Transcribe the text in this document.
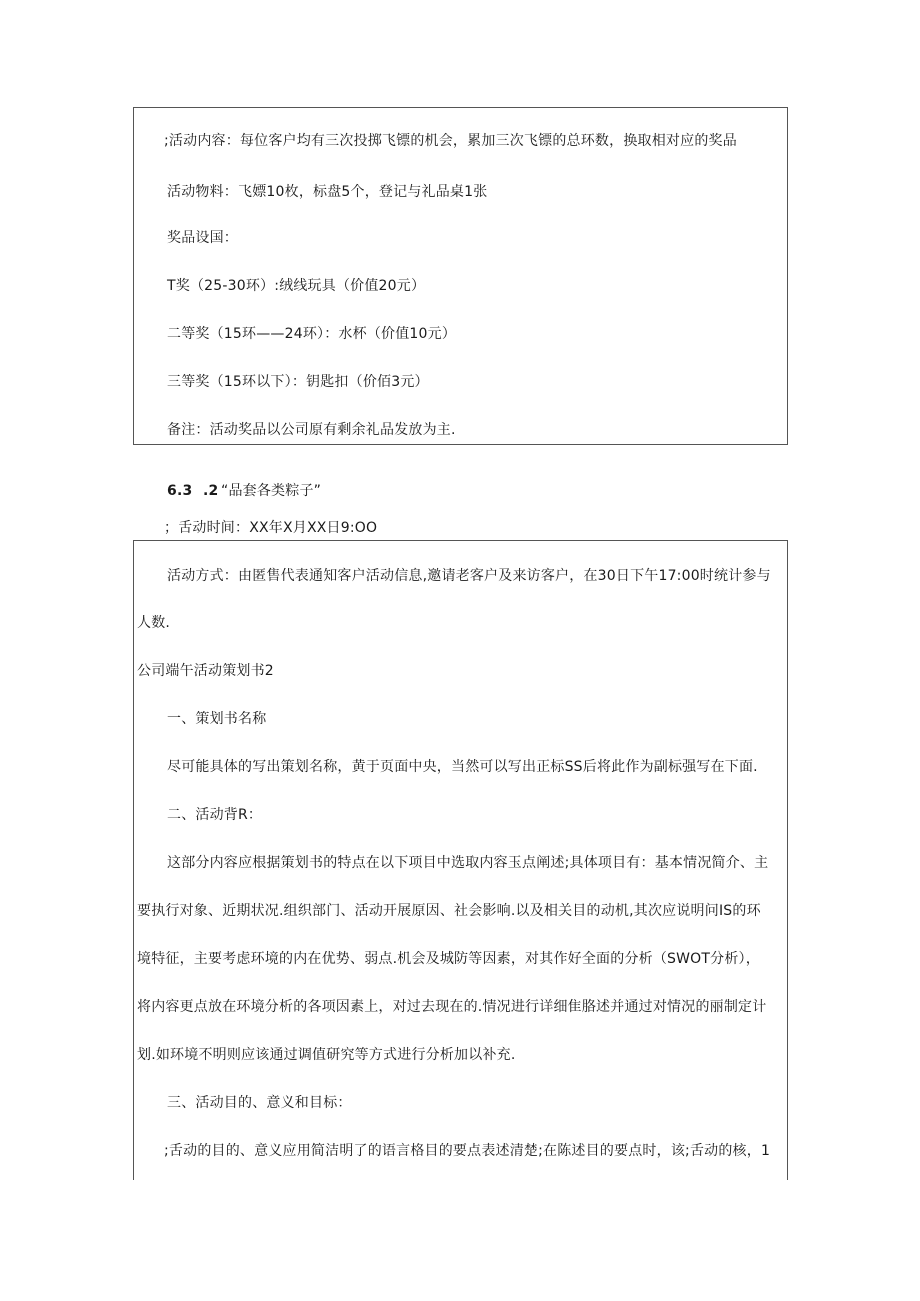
;活动内容：每位客户均有三次投掷飞镖的机会，累加三次飞镖的总环数，换取相对应的奖品
活动物料：飞嫖10枚，标盘5个，登记与礼品桌1张
奖品设国：
T奖（25-30环）:绒线玩具（价值20元）
二等奖（15环——24环）：水杯（价值10元）
三等奖（15环以下）：钥匙扣（价佰3元）
备注：活动奖品以公司原有剩余礼品发放为主.
6.3 .2 “品套各类粽子”
；舌动时间：XX年X月XX日9:OO
活动方式：由匿售代表通知客户活动信息,邀请老客户及来访客户，在30日下午17:00时统计参与
人数.
公司端午活动策划书2
一、策划书名称
尽可能具体的写出策划名称，黄于页面中央，当然可以写出正标SS后将此作为副标强写在下面.
二、活动背R：
这部分内容应根据策划书的特点在以下项目中选取内容玉点阐述;具体项目有：基本情况简介、主
要执行对象、近期状况.组织部门、活动开展原因、社会影响.以及相关目的动机,其次应说明问IS的环
境特征，主要考虑环境的内在优势、弱点.机会及城防等因素，对其作好全面的分析（SWOT分析），
将内容更点放在环境分析的各项因素上，对过去现在的.情况进行详细隹胳述并通过对情况的丽制定计
划.如环境不明则应该通过调值研究等方式进行分析加以补充.
三、活动目的、意义和目标：
;舌动的目的、意义应用简洁明了的语言格目的要点表述清楚;在陈述目的要点时，该;舌动的核，1
